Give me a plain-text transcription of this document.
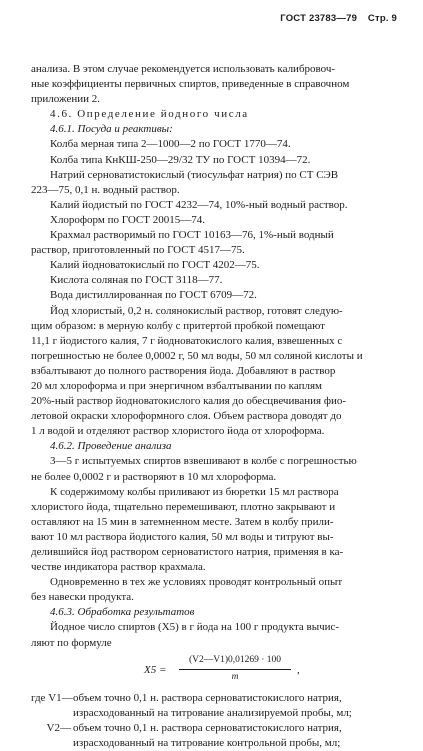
ГОСТ 23783—79 Стр. 9

анализа. В этом случае рекомендуется использовать калибровоч-
ные коэффициенты первичных спиртов, приведенные в справочном
приложении 2.

4.6. Определение йодного числа

4.6.1. Посуда и реактивы:

Колба мерная типа 2—1000—2 по ГОСТ 1770—74.

Колба типа КнКШ-250—29/32 ТУ по ГОСТ 10394—72.

Натрий серноватистокислый (тиосульфат натрия) по СТ СЭВ

223—75, 0,1 н. водный раствор.

Калий йодистый по ГОСТ 4232—74, 10%-ный водный раствор.

Хлороформ по ГОСТ 20015—74.

Крахмал растворимый по ГОСТ 10163—76, 1%-ный водный

раствор, приготовленный по ГОСТ 4517—75.

Калий йодноватокислый по ГОСТ 4202—75.

Кислота соляная по ГОСТ 3118—77.

Вода дистиллированная по ГОСТ 6709—72.

Йод хлористый, 0,2 н. солянокислый раствор, готовят следую-
щим образом: в мерную колбу с притертой пробкой помещают
11,1 г йодистого калия, 7 г йодноватокислого калия, взвешенных с
погрешностью не более 0,0002 г, 50 мл воды, 50 мл соляной кислоты и
взбалтывают до полного растворения йода. Добавляют в раствор
20 мл хлороформа и при энергичном взбалтывании по каплям
20%-ный раствор йодноватокислого калия до обесцвечивания фио-
летовой окраски хлороформного слоя. Объем раствора доводят до
1 л водой и отделяют раствор хлористого йода от хлороформа.

4.6.2. Проведение анализа

3—5 г испытуемых спиртов взвешивают в колбе с погрешностью
не более 0,0002 г и растворяют в 10 мл хлороформа.

К содержимому колбы приливают из бюретки 15 мл раствора
хлористого йода, тщательно перемешивают, плотно закрывают и
оставляют на 15 мин в затемненном месте. Затем в колбу прили-
вают 10 мл раствора йодистого калия, 50 мл воды и титруют вы-
делившийся йод раствором серноватистого натрия, применяя в ка-
честве индикатора раствор крахмала.

Одновременно в тех же условиях проводят контрольный опыт
без навески продукта.

4.6.3. Обработка результатов

Йодное число спиртов (X5) в г йода на 100 г продукта вычис-
ляют по формуле

$X5 = \frac{(V2—V1)0,01269 \cdot 100}{m}$ ,
где V1—объем точно 0,1 н. раствора серноватистокислого натрия,
израсходованный на титрование анализируемой пробы, мл;
V2— объем точно 0,1 н. раствора серноватистокислого натрия,
израсходованный на титрование контрольной пробы, мл;
